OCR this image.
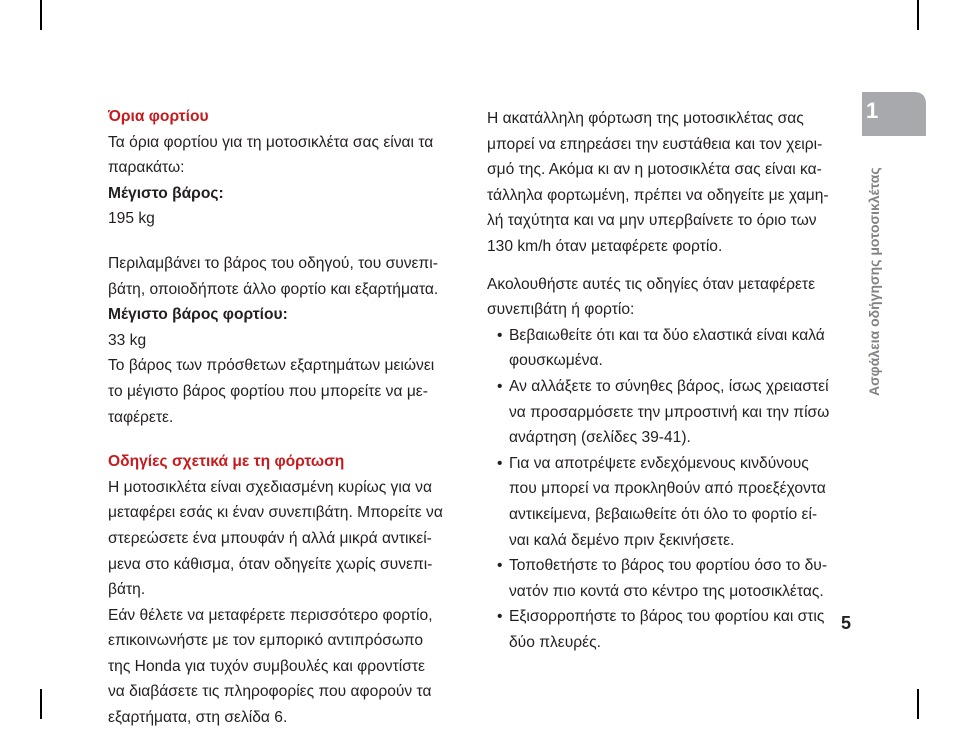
1
Ασφάλεια οδήγησης μοτοσικλέτας

Όρια φορτίου

Τα όρια φορτίου για τη μοτοσικλέτα σας είναι τα

παρακάτω:

Μέγιστο βάρος:

195 kg

Περιλαμβάνει το βάρος του οδηγού, του συνεπι-

βάτη, οποιοδήποτε άλλο φορτίο και εξαρτήματα.

Μέγιστο βάρος φορτίου:

33 kg

Το βάρος των πρόσθετων εξαρτημάτων μειώνει

το μέγιστο βάρος φορτίου που μπορείτε να με-

ταφέρετε.

Οδηγίες σχετικά με τη φόρτωση

Η μοτοσικλέτα είναι σχεδιασμένη κυρίως για να

μεταφέρει εσάς κι έναν συνεπιβάτη. Μπορείτε να

στερεώσετε ένα μπουφάν ή αλλά μικρά αντικεί-

μενα στο κάθισμα, όταν οδηγείτε χωρίς συνεπι-

βάτη.

Εάν θέλετε να μεταφέρετε περισσότερο φορτίο,

επικοινωνήστε με τον εμπορικό αντιπρόσωπο

της Honda για τυχόν συμβουλές και φροντίστε

να διαβάσετε τις πληροφορίες που αφορούν τα

εξαρτήματα, στη σελίδα 6.

Η ακατάλληλη φόρτωση της μοτοσικλέτας σας

μπορεί να επηρεάσει την ευστάθεια και τον χειρι-

σμό της. Ακόμα κι αν η μοτοσικλέτα σας είναι κα-

τάλληλα φορτωμένη, πρέπει να οδηγείτε με χαμη-

λή ταχύτητα και να μην υπερβαίνετε το όριο των

130 km/h όταν μεταφέρετε φορτίο.

Ακολουθήστε αυτές τις οδηγίες όταν μεταφέρετε

συνεπιβάτη ή φορτίο:

• Βεβαιωθείτε ότι και τα δύο ελαστικά είναι καλά

φουσκωμένα.

• Αν αλλάξετε το σύνηθες βάρος, ίσως χρειαστεί

να προσαρμόσετε την μπροστινή και την πίσω

ανάρτηση (σελίδες 39-41).

• Για να αποτρέψετε ενδεχόμενους κινδύνους

που μπορεί να προκληθούν από προεξέχοντα

αντικείμενα, βεβαιωθείτε ότι όλο το φορτίο εί-

ναι καλά δεμένο πριν ξεκινήσετε.

• Τοποθετήστε το βάρος του φορτίου όσο το δυ-

νατόν πιο κοντά στο κέντρο της μοτοσικλέτας.

• Εξισορροπήστε το βάρος του φορτίου και στις

δύο πλευρές.

5
